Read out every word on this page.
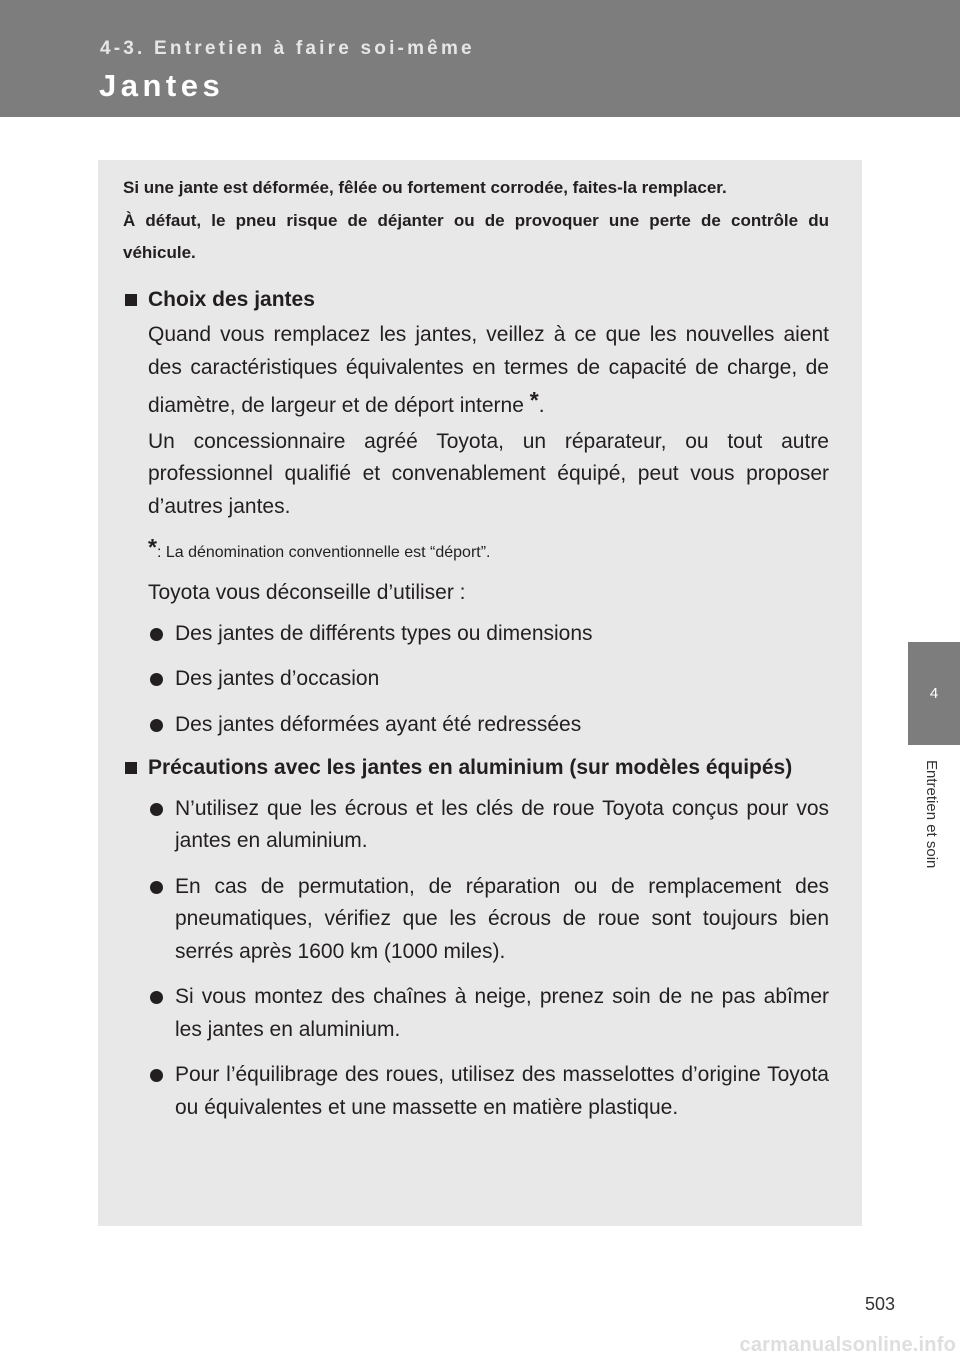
4-3. Entretien à faire soi-même
Jantes
4
Entretien et soin

Si une jante est déformée, fêlée ou fortement corrodée, faites-la remplacer.

À défaut, le pneu risque de déjanter ou de provoquer une perte de contrôle du véhicule.

Choix des jantes
Quand vous remplacez les jantes, veillez à ce que les nouvelles aient des caractéristiques équivalentes en termes de capacité de charge, de diamètre, de largeur et de déport interne *.
Un concessionnaire agréé Toyota, un réparateur, ou tout autre professionnel qualifié et convenablement équipé, peut vous proposer d’autres jantes.
*: La dénomination conventionnelle est “déport”.
Toyota vous déconseille d’utiliser :
Des jantes de différents types ou dimensions
Des jantes d’occasion
Des jantes déformées ayant été redressées
Précautions avec les jantes en aluminium (sur modèles équipés)
N’utilisez que les écrous et les clés de roue Toyota conçus pour vos jantes en aluminium.
En cas de permutation, de réparation ou de remplacement des pneumatiques, vérifiez que les écrous de roue sont toujours bien serrés après 1600 km (1000 miles).
Si vous montez des chaînes à neige, prenez soin de ne pas abîmer les jantes en aluminium.
Pour l’équilibrage des roues, utilisez des masselottes d’origine Toyota ou équivalentes et une massette en matière plastique.
503
carmanualsonline.info
